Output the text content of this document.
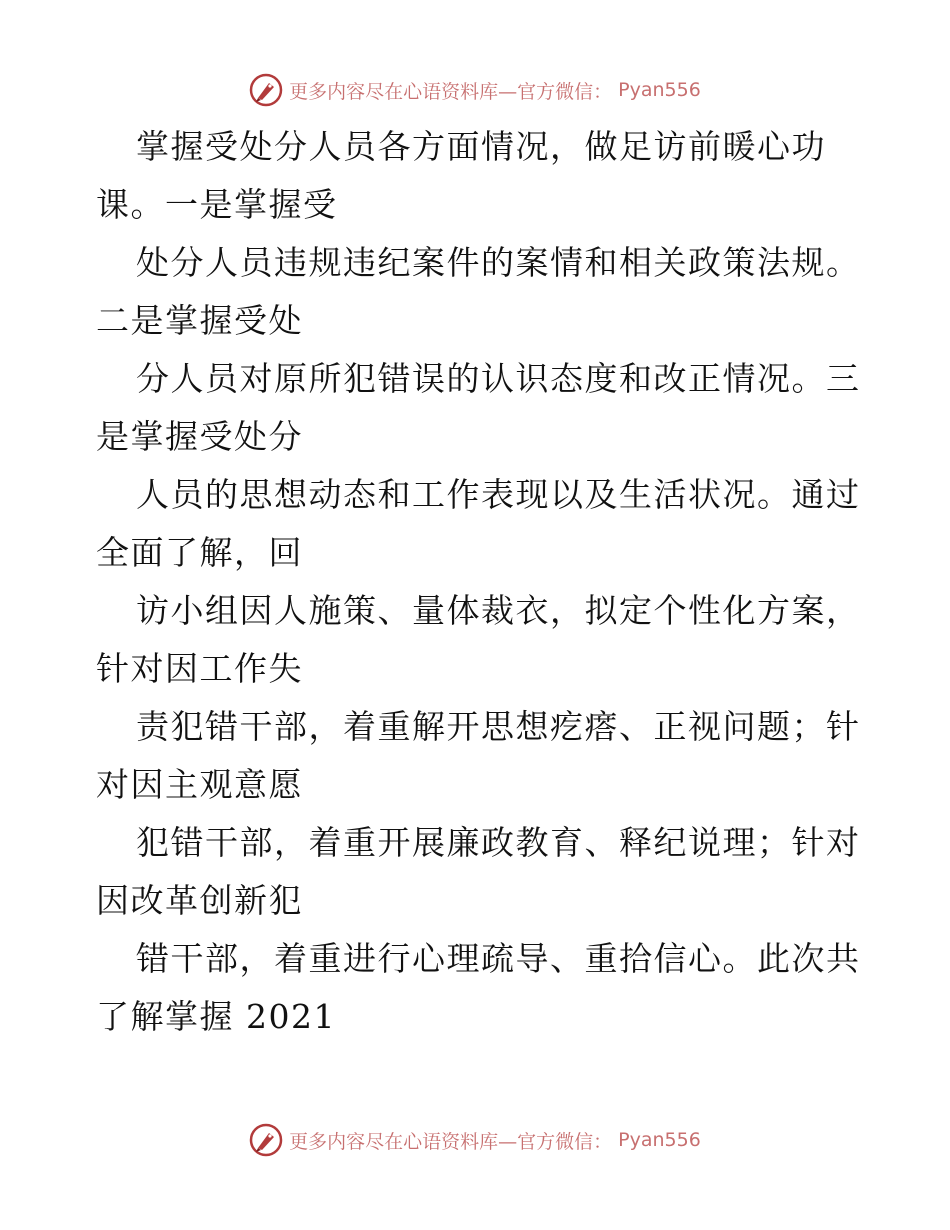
更多内容尽在心语资料库—官方微信： Pyan556
掌握受处分人员各方面情况，做足访前暖心功
课。一是掌握受
处分人员违规违纪案件的案情和相关政策法规。
二是掌握受处
分人员对原所犯错误的认识态度和改正情况。三
是掌握受处分
人员的思想动态和工作表现以及生活状况。通过
全面了解，回
访小组因人施策、量体裁衣，拟定个性化方案，
针对因工作失
责犯错干部，着重解开思想疙瘩、正视问题；针
对因主观意愿
犯错干部，着重开展廉政教育、释纪说理；针对
因改革创新犯
错干部，着重进行心理疏导、重拾信心。此次共
了解掌握 2021
更多内容尽在心语资料库—官方微信： Pyan556
